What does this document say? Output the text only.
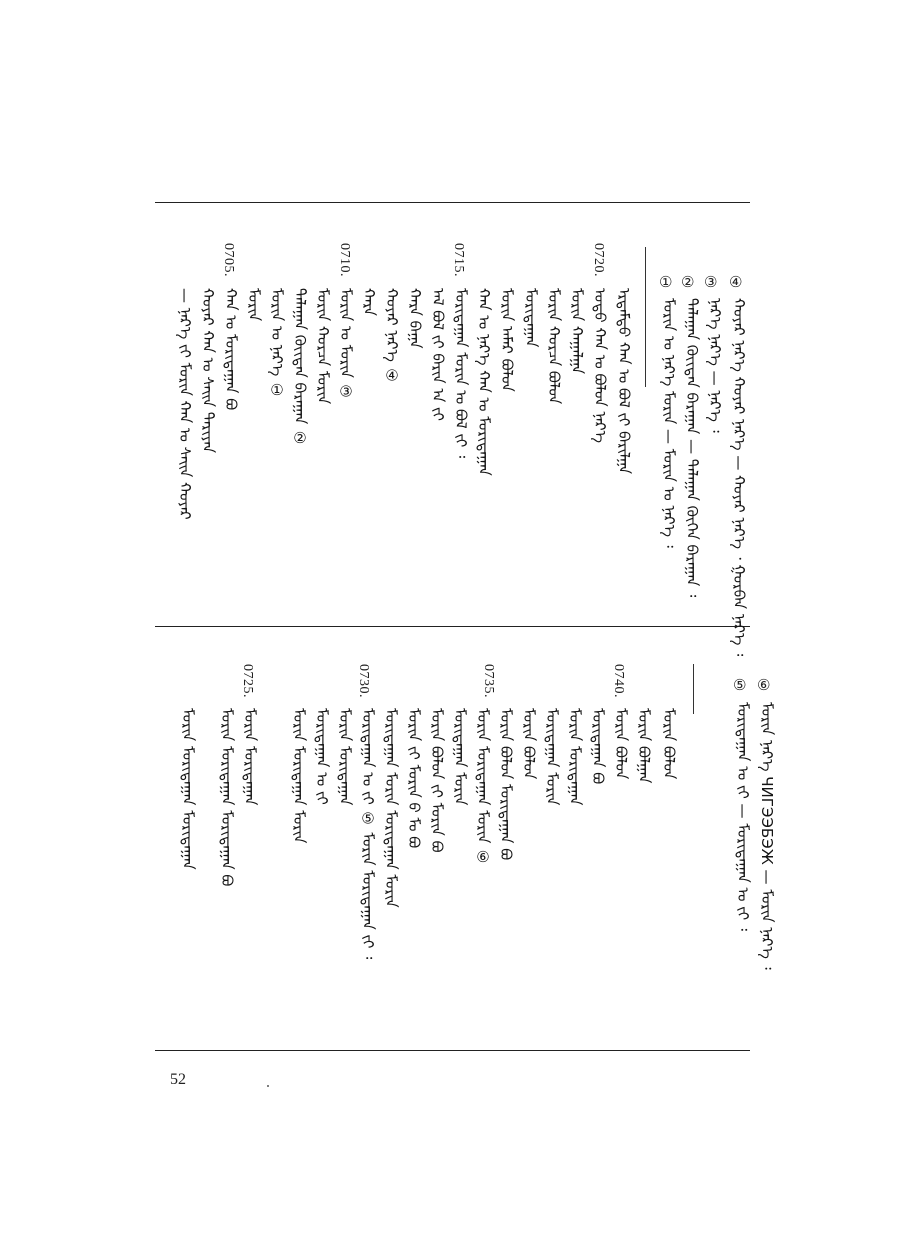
④
③
②
①
ᠬᠣᠶᠠᠷ ᠨᠡᠷ᠎ᠡ ᠬᠣᠶᠠᠷ ᠨᠡᠷ᠎ᠡ — ᠬᠣᠶᠠᠷ ᠨᠡᠷ᠎ᠡ ᠂ ᠭᠤᠷᠪᠠᠨ ᠨᠡᠷ᠎ᠡ ᠄
ᠨᠡᠷ᠎ᠡ ᠨᠡᠷ᠎ᠡ — ᠨᠡᠷ᠎ᠡ ᠄
ᠲᠠᠯᠠᠭᠠᠨ ᠬᠦᠢᠲᠡᠨ ᠪᠠᠷᠠᠭᠠᠨ — ᠲᠠᠯᠠᠭᠠᠨ ᠬᠥᠭᠡᠨ ᠪᠠᠷᠠᠭᠠᠨ ᠄
ᠮᠣᠷᠢᠨ ᠤ ᠨᠡᠷ᠎ᠡ ᠮᠣᠷᠢᠨ — ᠮᠣᠷᠢᠨ ᠤ ᠨᠡᠷ᠎ᠡ ᠄
0720.
0715.
0710.
0705.
ᠡᠷᠳᠡᠮᠲᠦ ᠬᠠᠨ ᠤ ᠪᠣᠯ ᠵᠢ ᠪᠠᠷᠢᠯᠭᠠ
ᠣᠳᠣ ᠬᠠᠨ ᠤ ᠪᠣᠯᠤᠨ ᠨᠡᠷ᠎ᠡ
ᠮᠤᠷᠢᠨ ᠬᠠᠭᠠᠯᠭᠠ
ᠮᠤᠷᠢᠨ ᠬᠤᠷᠴᠠ ᠪᠣᠯᠤᠨ
ᠮᠤᠷᠢᠳᠠᠭᠠᠨ
ᠮᠣᠷᠢᠨ ᠠᠮᠠᠷ ᠪᠣᠯᠤᠨ
ᠬᠠᠨ ᠤ ᠨᠡᠷ᠎ᠡ ᠬᠠᠨ ᠤ ᠮᠣᠷᠢᠳᠠᠭᠠᠨ
ᠮᠣᠷᠢᠳᠠᠭᠠᠨ ᠮᠣᠷᠢᠨ ᠤ ᠪᠣᠯ ᠵᠢ ᠄
ᠠᠯ ᠪᠣᠯ ᠵᠢ ᠪᠠᠷᠢᠨ ᠠ ᠵᠢ
ᠬᠠᠷᠠ ᠪᠠᠭᠠ
ᠬᠣᠶᠠᠷ ᠨᠡᠷ᠎ᠡ ④
ᠮᠣᠷᠢᠨ ᠤ ᠮᠣᠷᠢᠨ ③
ᠮᠤᠷᠢᠨ ᠬᠤᠷᠴᠠ ᠮᠣᠷᠢᠨ
ᠲᠠᠯᠠᠭᠠᠨ ᠬᠦᠢᠲᠡᠨ ᠪᠠᠷᠠᠭᠠᠨ ②
ᠮᠣᠷᠢᠨ ᠤ ᠨᠡᠷ᠎ᠡ ①
ᠮᠣᠷᠢᠨ	ᠬᠠᠷᠠ
ᠬᠠᠨ ᠤ ᠮᠣᠷᠢᠳᠠᠭᠠᠨ ᠪᠣ
ᠬᠣᠶᠠᠷ ᠬᠠᠨ ᠤ ᠰᠠᠢᠨ ᠲᠠᠷᠢᠶᠠᠨ
— ᠨᠡᠷ᠎ᠡ ᠵᠢ ᠮᠣᠷᠢᠨ ᠬᠠᠨ ᠤ ᠰᠠᠢᠨ ᠬᠣᠶᠠᠷ
⑥
⑤
ᠮᠣᠷᠢᠨ ᠨᠡᠷ᠎ᠡ ЧИГЭЭБЭЖ — ᠮᠣᠷᠢᠨ ᠨᠡᠷ᠎ᠡ ᠄
ᠮᠣᠷᠢᠳᠠᠭᠠᠨ ᠤ ᠵᠢ — ᠮᠣᠷᠢᠳᠠᠭᠠᠨ ᠤ ᠵᠢ ᠄
0740.
0735.
0730.
0725.
ᠮᠣᠷᠢᠨ ᠪᠣᠯᠤᠨ
ᠮᠣᠷᠢᠨ ᠪᠣᠯᠭᠠᠨ
ᠮᠣᠷᠢᠨ ᠪᠣᠯᠤᠨ
ᠮᠣᠷᠢᠳᠠᠭᠠᠨ ᠪᠣ
ᠮᠣᠷᠢᠨ ᠮᠣᠷᠢᠳᠠᠭᠠᠨ
ᠮᠣᠷᠢᠳᠠᠭᠠᠨ ᠮᠣᠷᠢᠨ
ᠮᠣᠷᠢᠨ ᠪᠣᠯᠤᠨ
ᠮᠣᠷᠢᠨ ᠪᠣᠯᠤᠨ ᠮᠣᠷᠢᠳᠠᠭᠠᠨ ᠪᠣ
ᠮᠣᠷᠢᠨ ᠮᠣᠷᠢᠳᠠᠭᠠᠨ ᠮᠣᠷᠢᠨ ⑥
ᠮᠣᠷᠢᠳᠠᠭᠠᠨ ᠮᠣᠷᠢᠨ
ᠮᠣᠷᠢᠨ ᠪᠣᠯᠤᠨ ᠵᠢ ᠮᠣᠷᠢᠨ ᠪᠣ
ᠮᠣᠷᠢᠨ ᠵᠢ ᠮᠣᠷᠢᠨ ᠪ ᠮᠣ ᠪᠣ
ᠮᠣᠷᠢᠳᠠᠭᠠᠨ ᠮᠣᠷᠢᠨ ᠮᠣᠷᠢᠳᠠᠭᠠᠨ ᠮᠣᠷᠢᠨ
ᠮᠣᠷᠢᠳᠠᠭᠠᠨ ᠤ ᠵᠢ ⑤ ᠮᠣᠷᠢᠨ ᠮᠣᠷᠢᠳᠠᠭᠠᠨ ᠵᠢ ᠄
ᠮᠣᠷᠢᠨ ᠮᠣᠷᠢᠳᠠᠭᠠᠨ
ᠮᠣᠷᠢᠳᠠᠭᠠᠨ ᠤ ᠵᠢ
ᠮᠣᠷᠢᠨ ᠮᠣᠷᠢᠳᠠᠭᠠᠨ ᠮᠣᠷᠢᠨ
ᠮᠣᠷᠢᠨ ᠮᠣᠷᠢᠳᠠᠭᠠᠨ
ᠮᠣᠷᠢᠨ ᠮᠣᠷᠢᠳᠠᠭᠠᠨ ᠮᠣᠷᠢᠳᠠᠭᠠᠨ ᠪᠣ
ᠮᠣᠷᠢᠨ ᠮᠣᠷᠢᠳᠠᠭᠠᠨ ᠮᠣᠷᠢᠳᠠᠭᠠᠨ
52
